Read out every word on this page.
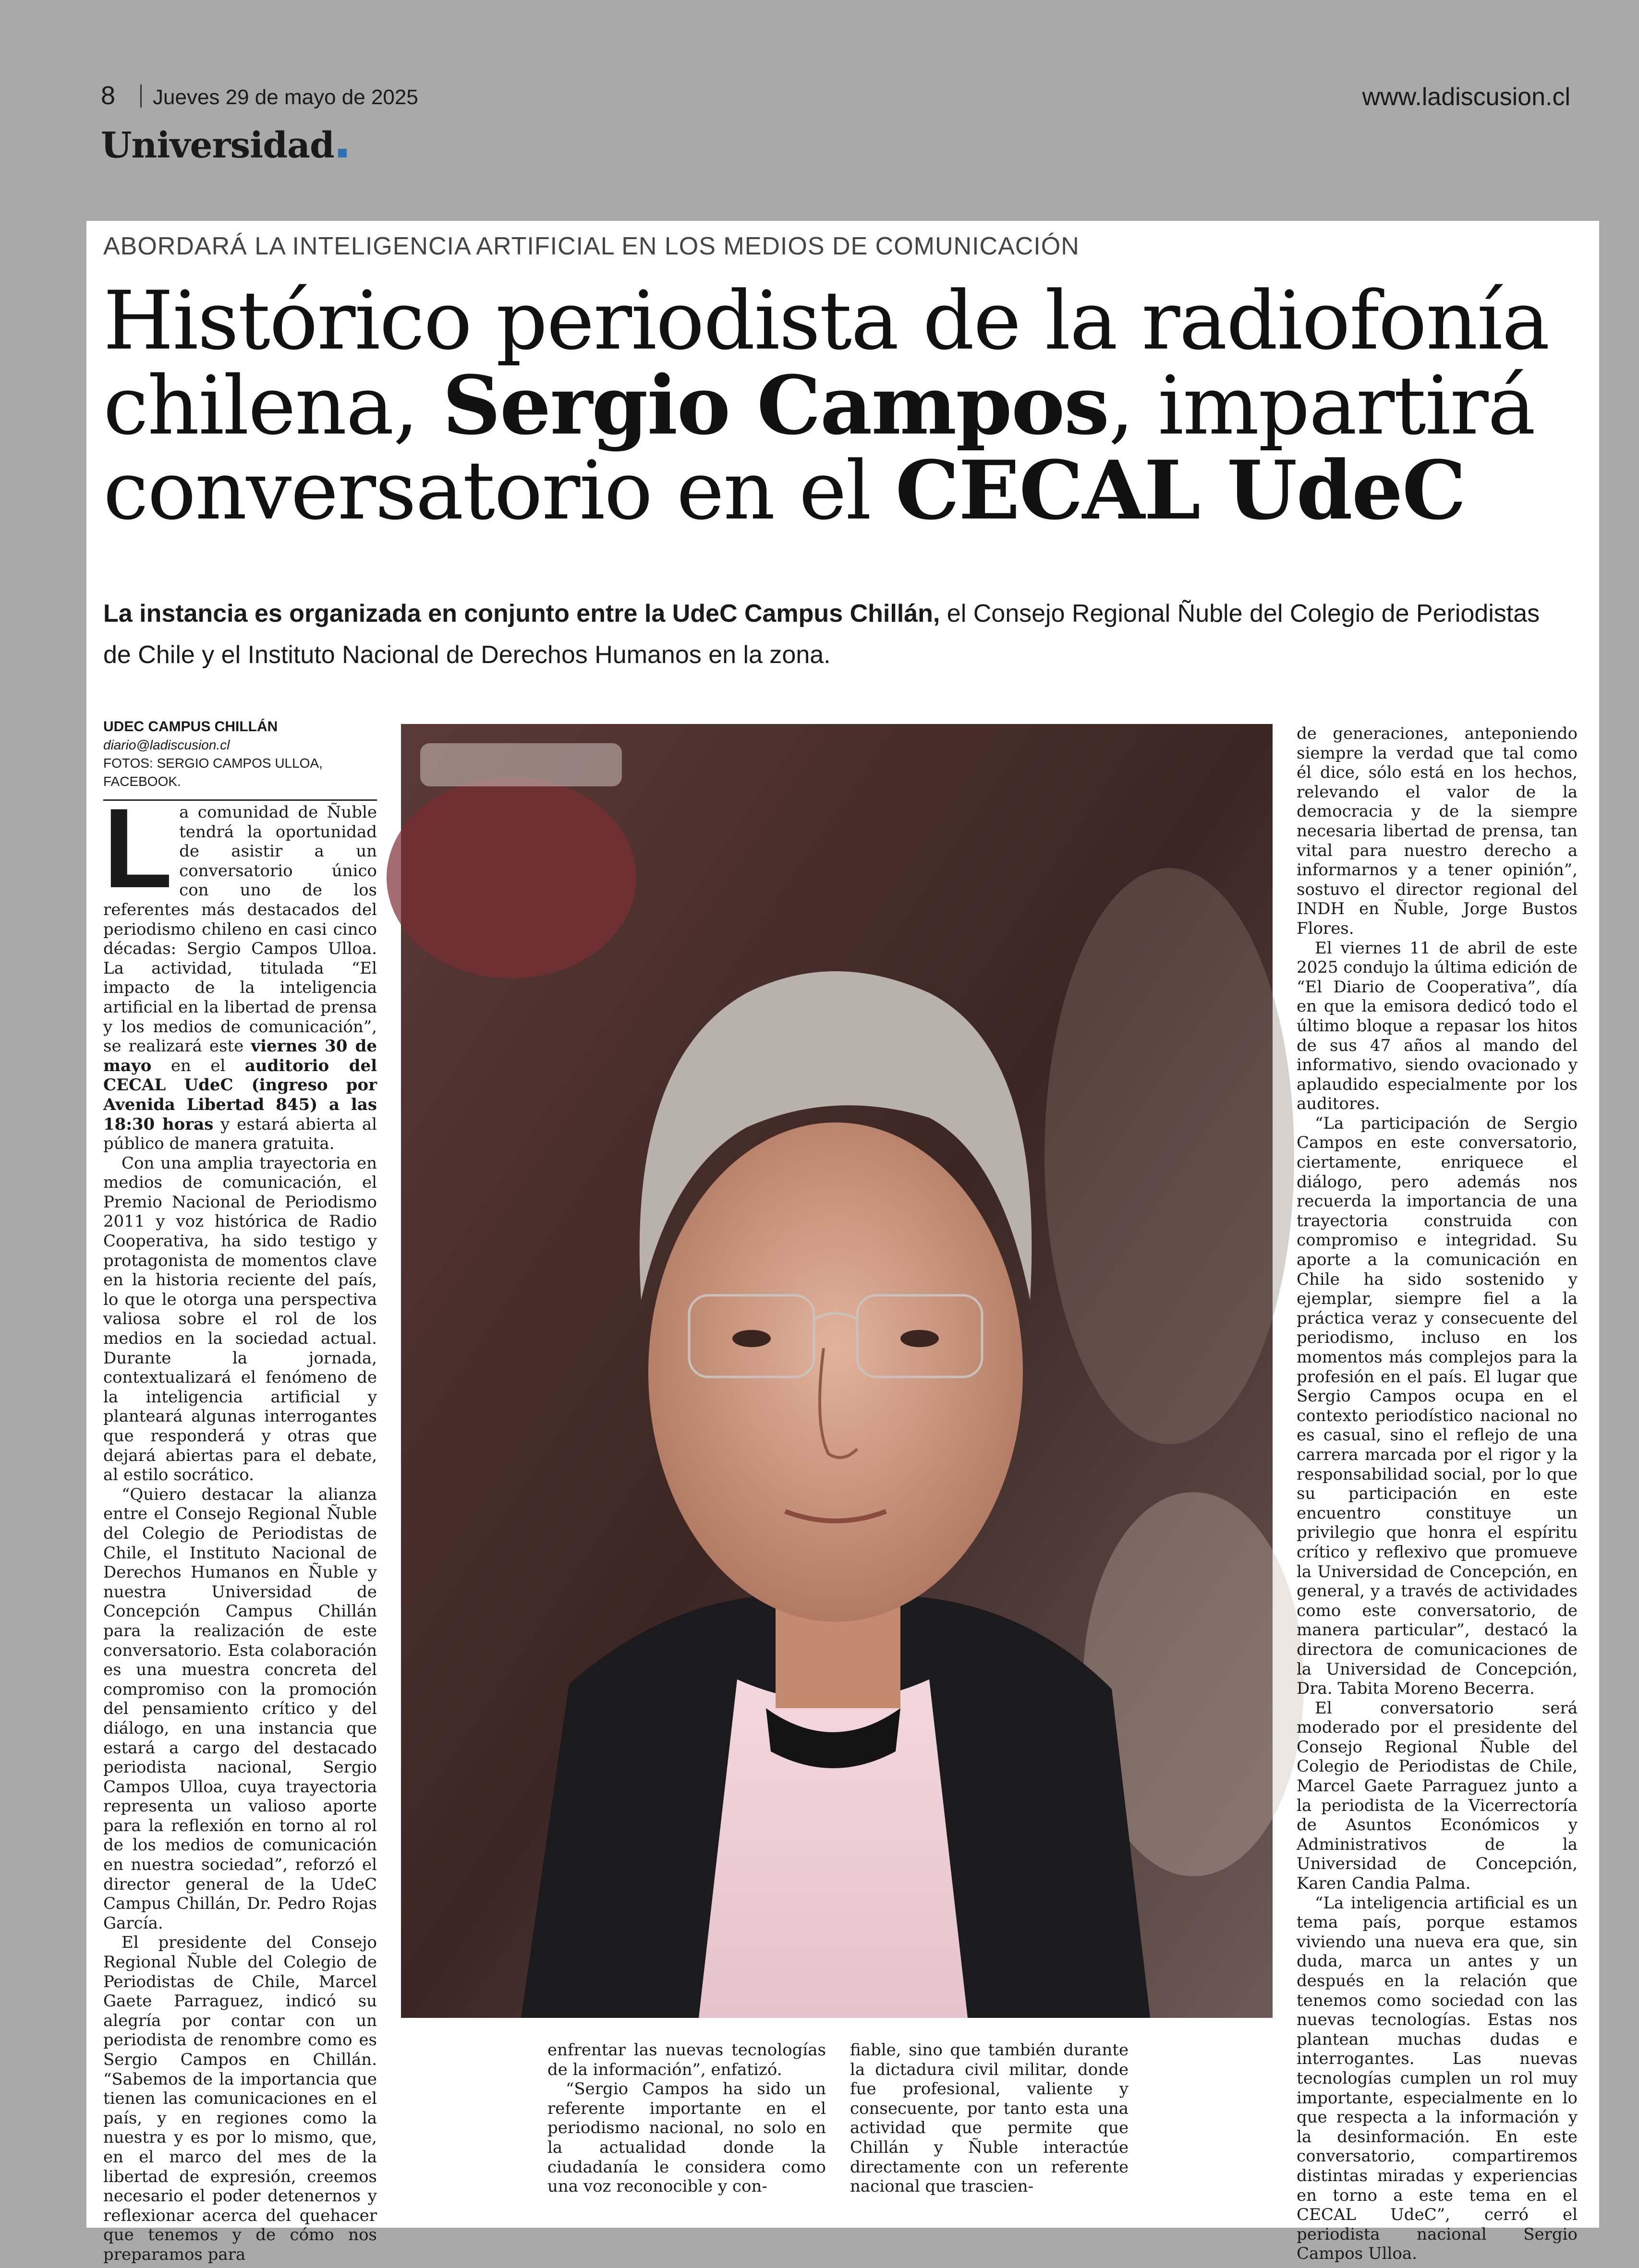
8 Jueves 29 de mayo de 2025	www.ladiscusion.cl
Universidad
ABORDARÁ LA INTELIGENCIA ARTIFICIAL EN LOS MEDIOS DE COMUNICACIÓN
Histórico periodista de la radiofonía
chilena, Sergio Campos, impartirá
conversatorio en el CECAL UdeC
La instancia es organizada en conjunto entre la UdeC Campus Chillán, el Consejo Regional Ñuble del Colegio de Periodistas de Chile y el Instituto Nacional de Derechos Humanos en la zona.
UDEC CAMPUS CHILLÁN
diario@ladiscusion.cl
FOTOS: SERGIO CAMPOS ULLOA, FACEBOOK.

La comunidad de Ñuble tendrá la oportunidad de asistir a un conversatorio único con uno de los referentes más destacados del periodismo chileno en casi cinco décadas: Sergio Campos Ulloa. La actividad, titulada “El impacto de la inteligencia artificial en la libertad de prensa y los medios de comunicación”, se realizará este viernes 30 de mayo en el auditorio del CECAL UdeC (ingreso por Avenida Libertad 845) a las 18:30 horas y estará abierta al público de manera gratuita.

Con una amplia trayectoria en medios de comunicación, el Premio Nacional de Periodismo 2011 y voz histórica de Radio Cooperativa, ha sido testigo y protagonista de momentos clave en la historia reciente del país, lo que le otorga una perspectiva valiosa sobre el rol de los medios en la sociedad actual. Durante la jornada, contextualizará el fenómeno de la inteligencia artificial y planteará algunas interrogantes que responderá y otras que dejará abiertas para el debate, al estilo socrático.

“Quiero destacar la alianza entre el Consejo Regional Ñuble del Colegio de Periodistas de Chile, el Instituto Nacional de Derechos Humanos en Ñuble y nuestra Universidad de Concepción Campus Chillán para la realización de este conversatorio. Esta colaboración es una muestra concreta del compromiso con la promoción del pensamiento crítico y del diálogo, en una instancia que estará a cargo del destacado periodista nacional, Sergio Campos Ulloa, cuya trayectoria representa un valioso aporte para la reflexión en torno al rol de los medios de comunicación en nuestra sociedad”, reforzó el director general de la UdeC Campus Chillán, Dr. Pedro Rojas García.

El presidente del Consejo Regional Ñuble del Colegio de Periodistas de Chile, Marcel Gaete Parraguez, indicó su alegría por contar con un periodista de renombre como es Sergio Campos en Chillán. “Sabemos de la importancia que tienen las comunicaciones en el país, y en regiones como la nuestra y es por lo mismo, que, en el marco del mes de la libertad de expresión, creemos necesario el poder detenernos y reflexionar acerca del quehacer que tenemos y de cómo nos preparamos para

enfrentar las nuevas tecnologías de la información”, enfatizó.

“Sergio Campos ha sido un referente importante en el periodismo nacional, no solo en la actualidad donde la ciudadanía le considera como una voz reconocible y con-

fiable, sino que también durante la dictadura civil militar, donde fue profesional, valiente y consecuente, por tanto esta una actividad que permite que Chillán y Ñuble interactúe directamente con un referente nacional que trascien-

de generaciones, anteponiendo siempre la verdad que tal como él dice, sólo está en los hechos, relevando el valor de la democracia y de la siempre necesaria libertad de prensa, tan vital para nuestro derecho a informarnos y a tener opinión”, sostuvo el director regional del INDH en Ñuble, Jorge Bustos Flores.

El viernes 11 de abril de este 2025 condujo la última edición de “El Diario de Cooperativa”, día en que la emisora dedicó todo el último bloque a repasar los hitos de sus 47 años al mando del informativo, siendo ovacionado y aplaudido especialmente por los auditores.

“La participación de Sergio Campos en este conversatorio, ciertamente, enriquece el diálogo, pero además nos recuerda la importancia de una trayectoria construida con compromiso e integridad. Su aporte a la comunicación en Chile ha sido sostenido y ejemplar, siempre fiel a la práctica veraz y consecuente del periodismo, incluso en los momentos más complejos para la profesión en el país. El lugar que Sergio Campos ocupa en el contexto periodístico nacional no es casual, sino el reflejo de una carrera marcada por el rigor y la responsabilidad social, por lo que su participación en este encuentro constituye un privilegio que honra el espíritu crítico y reflexivo que promueve la Universidad de Concepción, en general, y a través de actividades como este conversatorio, de manera particular”, destacó la directora de comunicaciones de la Universidad de Concepción, Dra. Tabita Moreno Becerra.

El conversatorio será moderado por el presidente del Consejo Regional Ñuble del Colegio de Periodistas de Chile, Marcel Gaete Parraguez junto a la periodista de la Vicerrectoría de Asuntos Económicos y Administrativos de la Universidad de Concepción, Karen Candia Palma.

“La inteligencia artificial es un tema país, porque estamos viviendo una nueva era que, sin duda, marca un antes y un después en la relación que tenemos como sociedad con las nuevas tecnologías. Estas nos plantean muchas dudas e interrogantes. Las nuevas tecnologías cumplen un rol muy importante, especialmente en lo que respecta a la información y la desinformación. En este conversatorio, compartiremos distintas miradas y experiencias en torno a este tema en el CECAL UdeC”, cerró el periodista nacional Sergio Campos Ulloa.
